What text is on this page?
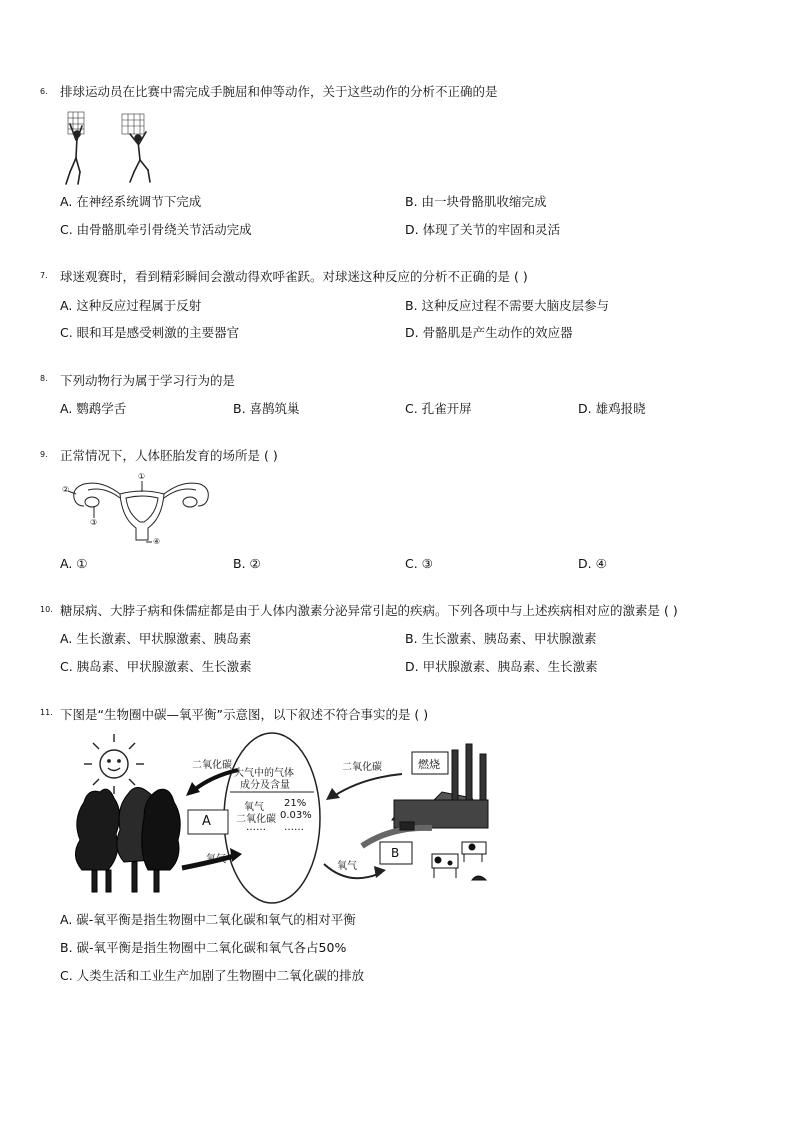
6. 排球运动员在比赛中需完成手腕屈和伸等动作，关于这些动作的分析不正确的是
A. 在神经系统调节下完成	B. 由一块骨骼肌收缩完成
C. 由骨骼肌牵引骨绕关节活动完成	D. 体现了关节的牢固和灵活
7. 球迷观赛时，看到精彩瞬间会激动得欢呼雀跃。对球迷这种反应的分析不正确的是 ( )
A. 这种反应过程属于反射	B. 这种反应过程不需要大脑皮层参与
C. 眼和耳是感受刺激的主要器官	D. 骨骼肌是产生动作的效应器
8. 下列动物行为属于学习行为的是
A. 鹦鹉学舌	B. 喜鹊筑巢	C. 孔雀开屏	D. 雄鸡报晓
9. 正常情况下，人体胚胎发育的场所是 ( )
②
①
③
④
A. ①	B. ②	C. ③	D. ④
10. 糖尿病、大脖子病和侏儒症都是由于人体内激素分泌异常引起的疾病。下列各项中与上述疾病相对应的激素是 ( )
A. 生长激素、甲状腺激素、胰岛素	B. 生长激素、胰岛素、甲状腺激素
C. 胰岛素、甲状腺激素、生长激素	D. 甲状腺激素、胰岛素、生长激素
11. 下图是“生物圈中碳—氧平衡”示意图，以下叙述不符合事实的是 ( )
二氧化碳	二氧化碳
氧气
氧气
A
B
燃烧
大气中的气体
成分及含量
氧气 21%
二氧化碳 0.03%
…… ……
A. 碳-氧平衡是指生物圈中二氧化碳和氧气的相对平衡
B. 碳-氧平衡是指生物圈中二氧化碳和氧气各占50%
C. 人类生活和工业生产加剧了生物圈中二氧化碳的排放
